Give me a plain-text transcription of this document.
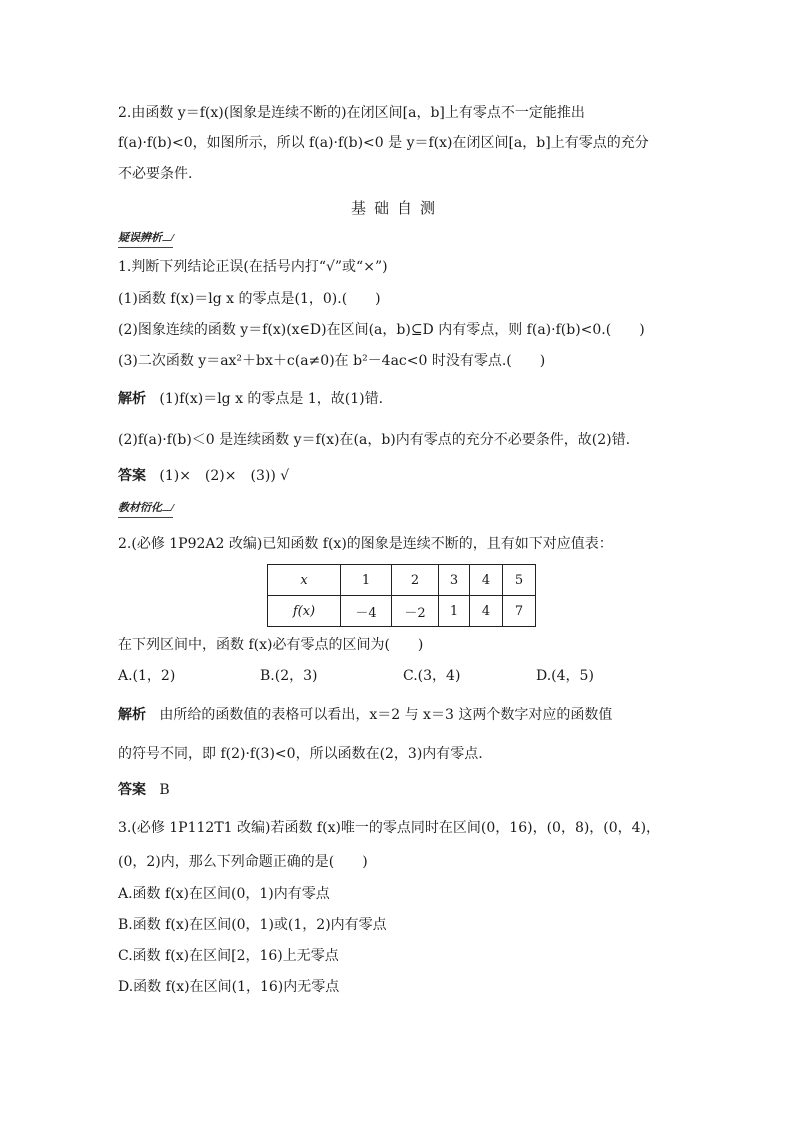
2.由函数 y＝f(x)(图象是连续不断的)在闭区间[a，b]上有零点不一定能推出
f(a)·f(b)<0，如图所示，所以 f(a)·f(b)<0 是 y＝f(x)在闭区间[a，b]上有零点的充分
不必要条件.
基础自测
疑误辨析
1.判断下列结论正误(在括号内打“√”或“×”)
(1)函数 f(x)＝lg x 的零点是(1，0).(　　)
(2)图象连续的函数 y＝f(x)(x∈D)在区间(a，b)⊆D 内有零点，则 f(a)·f(b)<0.(　　)
(3)二次函数 y＝ax²＋bx＋c(a≠0)在 b²－4ac<0 时没有零点.(　　)
解析 (1)f(x)＝lg x 的零点是 1，故(1)错.
(2)f(a)·f(b)＜0 是连续函数 y＝f(x)在(a，b)内有零点的充分不必要条件，故(2)错.
答案 (1)×　(2)×　(3)) √
教材衍化
2.(必修 1P92A2 改编)已知函数 f(x)的图象是连续不断的，且有如下对应值表：
x	1	2	3	4	5
f(x)	－4	－2	1	4	7
在下列区间中，函数 f(x)必有零点的区间为(　　)
A.(1，2)	B.(2，3)	C.(3，4)	D.(4，5)
解析 由所给的函数值的表格可以看出，x＝2 与 x＝3 这两个数字对应的函数值
的符号不同，即 f(2)·f(3)<0，所以函数在(2，3)内有零点.
答案 B
3.(必修 1P112T1 改编)若函数 f(x)唯一的零点同时在区间(0，16)，(0，8)，(0，4)，
(0，2)内，那么下列命题正确的是(　　)
A.函数 f(x)在区间(0，1)内有零点
B.函数 f(x)在区间(0，1)或(1，2)内有零点
C.函数 f(x)在区间[2，16)上无零点
D.函数 f(x)在区间(1，16)内无零点
